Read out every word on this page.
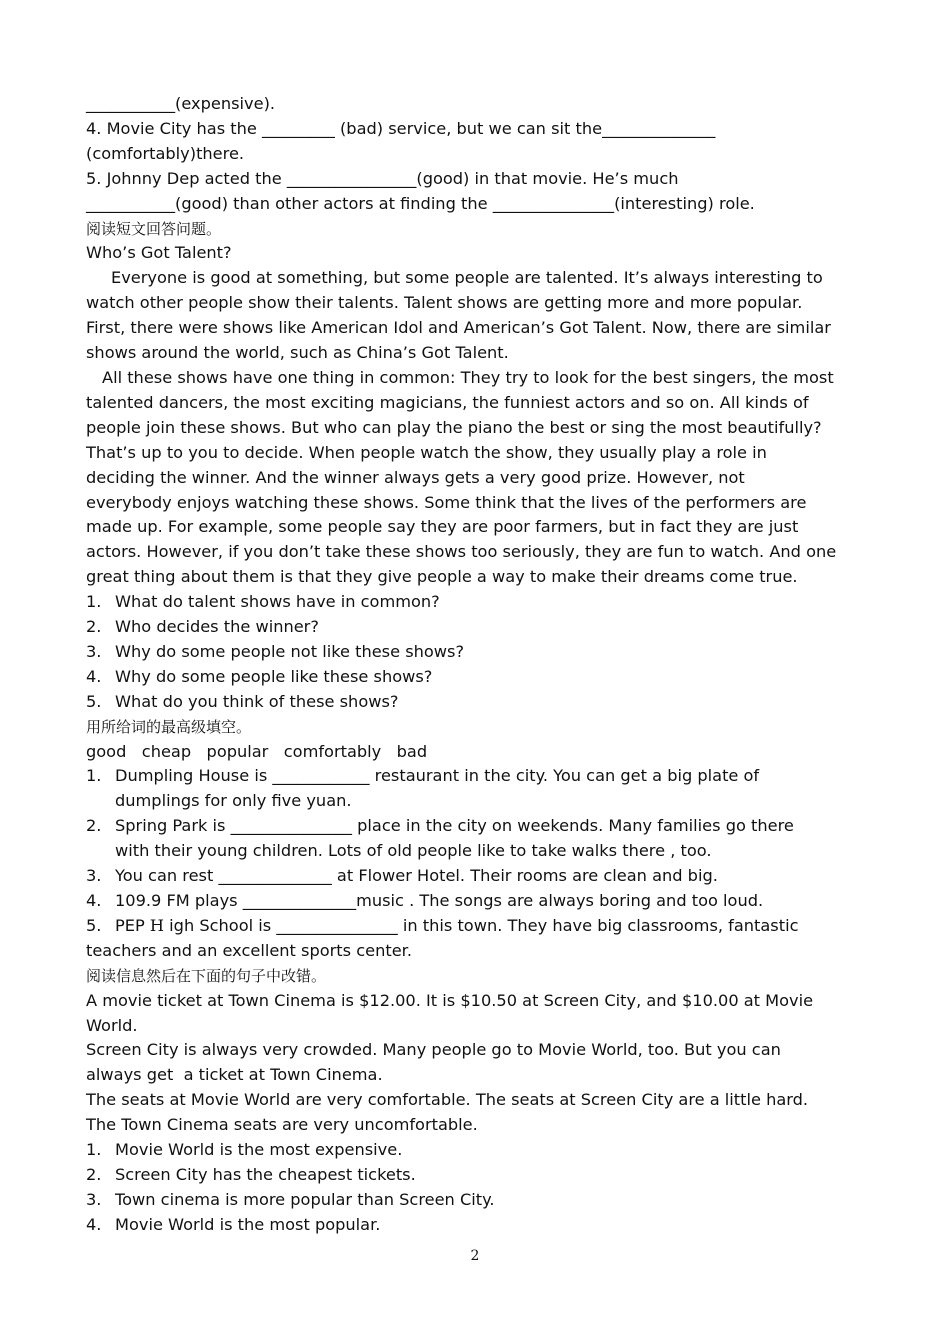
___________(expensive).
4. Movie City has the _________ (bad) service, but we can sit the______________
(comfortably)there.
5. Johnny Dep acted the ________________(good) in that movie. He’s much
___________(good) than other actors at finding the _______________(interesting) role.
阅读短文回答问题。
Who’s Got Talent?
Everyone is good at something, but some people are talented. It’s always interesting to
watch other people show their talents. Talent shows are getting more and more popular.
First, there were shows like American Idol and American’s Got Talent. Now, there are similar
shows around the world, such as China’s Got Talent.
All these shows have one thing in common: They try to look for the best singers, the most
talented dancers, the most exciting magicians, the funniest actors and so on. All kinds of
people join these shows. But who can play the piano the best or sing the most beautifully?
That’s up to you to decide. When people watch the show, they usually play a role in
deciding the winner. And the winner always gets a very good prize. However, not
everybody enjoys watching these shows. Some think that the lives of the performers are
made up. For example, some people say they are poor farmers, but in fact they are just
actors. However, if you don’t take these shows too seriously, they are fun to watch. And one
great thing about them is that they give people a way to make their dreams come true.
1. What do talent shows have in common?
2. Who decides the winner?
3. Why do some people not like these shows?
4. Why do some people like these shows?
5. What do you think of these shows?
用所给词的最高级填空。
good   cheap   popular   comfortably   bad
1. Dumpling House is ____________ restaurant in the city. You can get a big plate of
dumplings for only five yuan.
2. Spring Park is _______________ place in the city on weekends. Many families go there
with their young children. Lots of old people like to take walks there , too.
3. You can rest ______________ at Flower Hotel. Their rooms are clean and big.
4. 109.9 FM plays ______________music . The songs are always boring and too loud.
5. PEP H igh School is _______________ in this town. They have big classrooms, fantastic
teachers and an excellent sports center.
阅读信息然后在下面的句子中改错。
A movie ticket at Town Cinema is $12.00. It is $10.50 at Screen City, and $10.00 at Movie
World.
Screen City is always very crowded. Many people go to Movie World, too. But you can
always get  a ticket at Town Cinema.
The seats at Movie World are very comfortable. The seats at Screen City are a little hard.
The Town Cinema seats are very uncomfortable.
1. Movie World is the most expensive.
2. Screen City has the cheapest tickets.
3. Town cinema is more popular than Screen City.
4. Movie World is the most popular.
2
